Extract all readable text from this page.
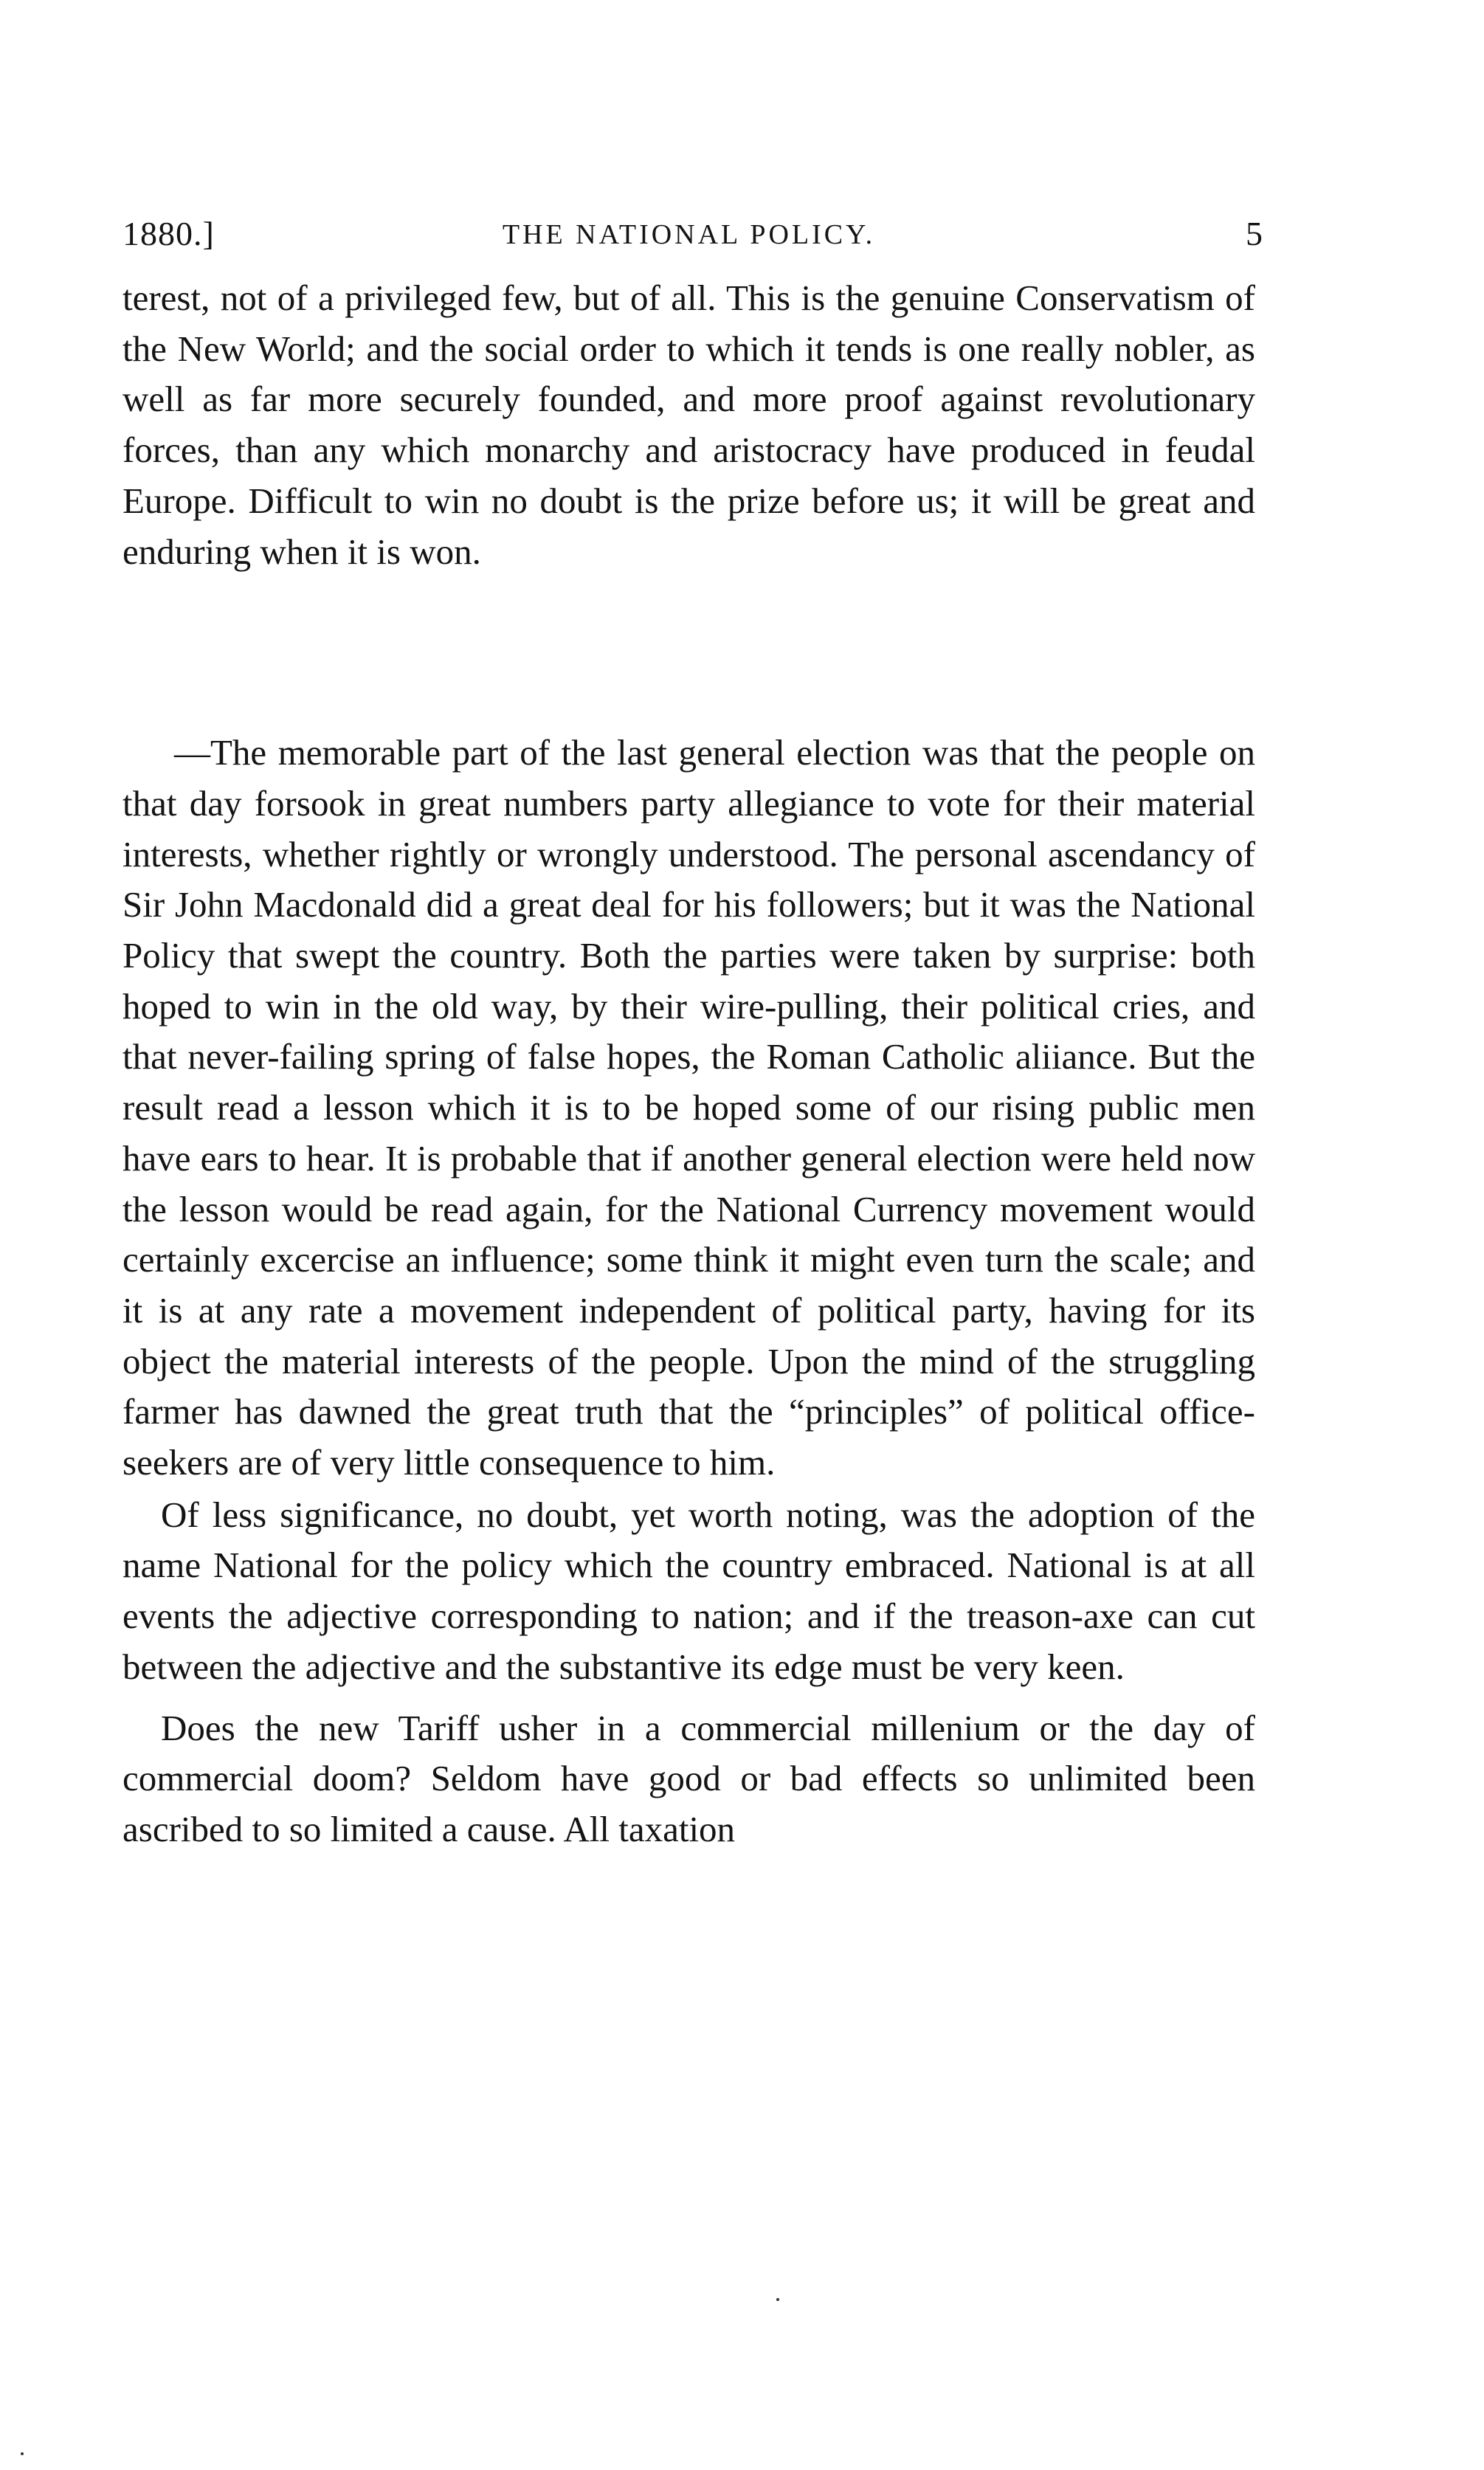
1880.]	THE NATIONAL POLICY.	5

terest, not of a privileged few, but of all. This is the genuine Conservatism of the New World; and the social order to which it tends is one really nobler, as well as far more securely founded, and more proof against revolutionary forces, than any which monarchy and aristocracy have produced in feudal Europe. Difficult to win no doubt is the prize before us; it will be great and enduring when it is won.

—The memorable part of the last general election was that the people on that day forsook in great numbers party allegiance to vote for their material interests, whether rightly or wrongly understood. The personal ascendancy of Sir John Macdonald did a great deal for his followers; but it was the National Policy that swept the country. Both the parties were taken by surprise: both hoped to win in the old way, by their wire-pulling, their political cries, and that never-failing spring of false hopes, the Roman Catholic aliiance. But the result read a lesson which it is to be hoped some of our rising public men have ears to hear. It is probable that if another general election were held now the lesson would be read again, for the National Currency movement would certainly excercise an influence; some think it might even turn the scale; and it is at any rate a movement independent of political party, having for its object the material interests of the people. Upon the mind of the struggling farmer has dawned the great truth that the “principles” of political office-seekers are of very little consequence to him.

Of less significance, no doubt, yet worth noting, was the adoption of the name National for the policy which the country embraced. National is at all events the adjective corresponding to nation; and if the treason-axe can cut between the adjective and the substantive its edge must be very keen.

Does the new Tariff usher in a commercial millenium or the day of commercial doom? Seldom have good or bad effects so unlimited been ascribed to so limited a cause. All taxation
